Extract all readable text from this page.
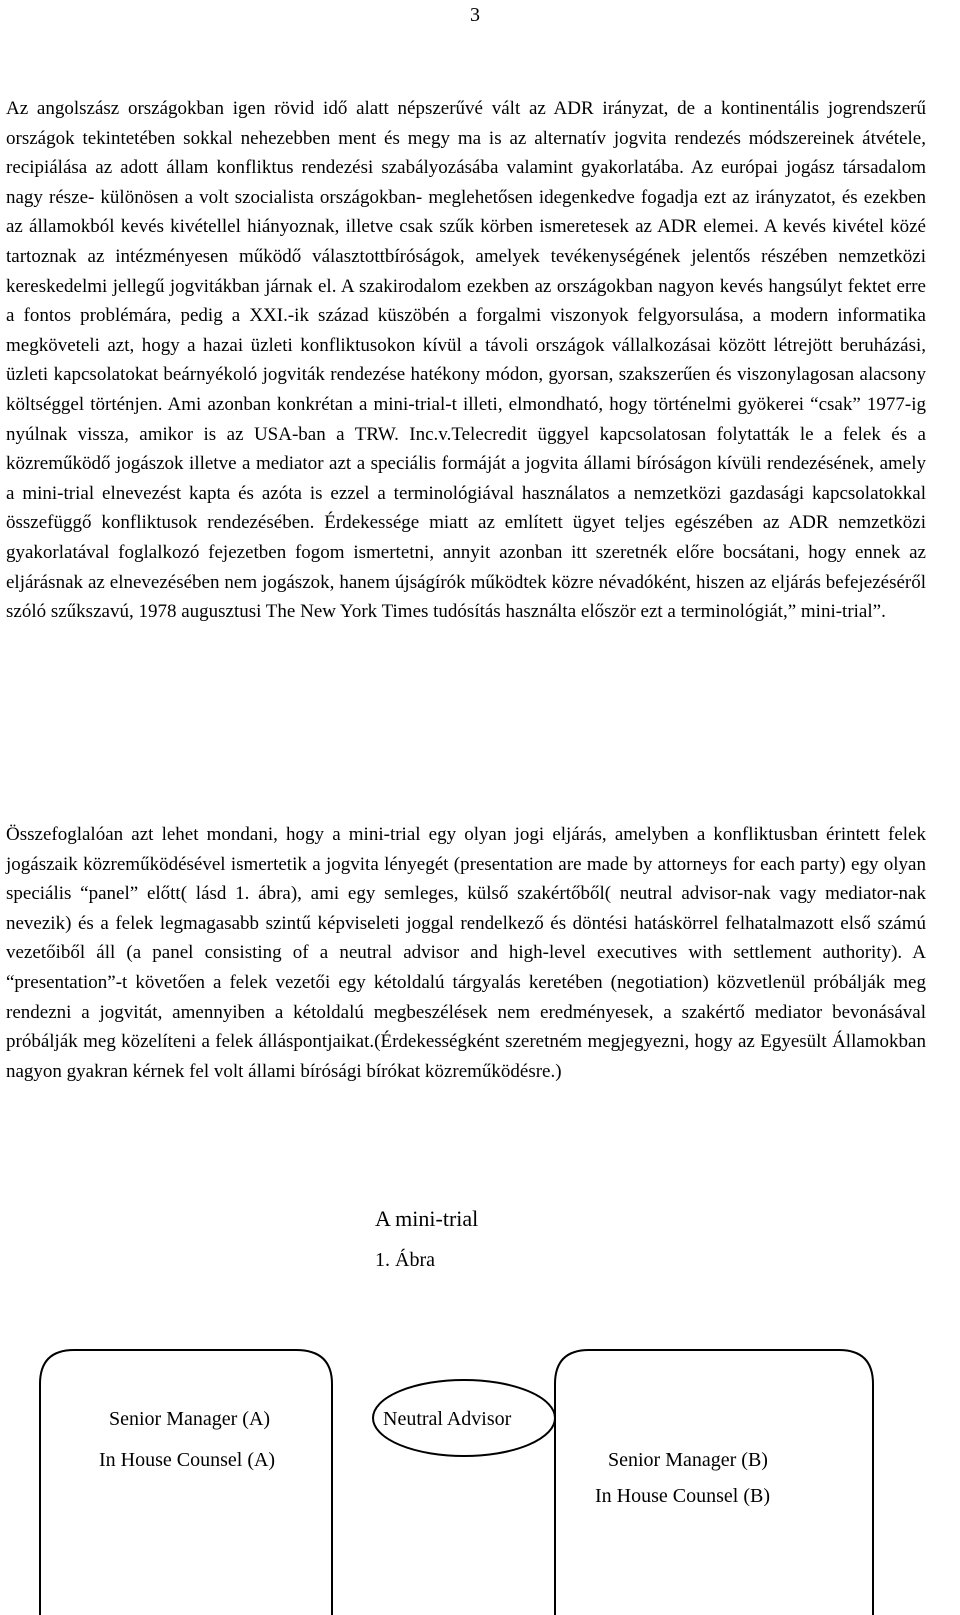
3

Az angolszász országokban igen rövid idő alatt népszerűvé vált az ADR irányzat, de a kontinentális jogrendszerű országok tekintetében sokkal nehezebben ment és megy ma is az alternatív jogvita rendezés módszereinek átvétele, recipiálása az adott állam konfliktus rendezési szabályozásába valamint gyakorlatába. Az európai jogász társadalom nagy része- különösen a volt szocialista országokban- meglehetősen idegenkedve fogadja ezt az irányzatot, és ezekben az államokból kevés kivétellel hiányoznak, illetve csak szűk körben ismeretesek az ADR elemei. A kevés kivétel közé tartoznak az intézményesen működő választottbíróságok, amelyek tevékenységének jelentős részében nemzetközi kereskedelmi jellegű jogvitákban járnak el. A szakirodalom ezekben az országokban nagyon kevés hangsúlyt fektet erre a fontos problémára, pedig a XXI.-ik század küszöbén a forgalmi viszonyok felgyorsulása, a modern informatika megköveteli azt, hogy a hazai üzleti konfliktusokon kívül a távoli országok vállalkozásai között létrejött beruházási, üzleti kapcsolatokat beárnyékoló jogviták rendezése hatékony módon, gyorsan, szakszerűen és viszonylagosan alacsony költséggel történjen. Ami azonban konkrétan a mini-trial-t illeti, elmondható, hogy történelmi gyökerei “csak” 1977-ig nyúlnak vissza, amikor is az USA-ban a TRW. Inc.v.Telecredit üggyel kapcsolatosan folytatták le a felek és a közreműködő jogászok illetve a mediator azt a speciális formáját a jogvita állami bíróságon kívüli rendezésének, amely a mini-trial elnevezést kapta és azóta is ezzel a terminológiával használatos a nemzetközi gazdasági kapcsolatokkal összefüggő konfliktusok rendezésében. Érdekessége miatt az említett ügyet teljes egészében az ADR nemzetközi gyakorlatával foglalkozó fejezetben fogom ismertetni, annyit azonban itt szeretnék előre bocsátani, hogy ennek az eljárásnak az elnevezésében nem jogászok, hanem újságírók működtek közre névadóként, hiszen az eljárás befejezéséről szóló szűkszavú, 1978 augusztusi The New York Times tudósítás használta először ezt a terminológiát,” mini-trial”.

Összefoglalóan azt lehet mondani, hogy a mini-trial egy olyan jogi eljárás, amelyben a konfliktusban érintett felek jogászaik közreműködésével ismertetik a jogvita lényegét (presentation are made by attorneys for each party) egy olyan speciális “panel” előtt( lásd 1. ábra), ami egy semleges, külső szakértőből( neutral advisor-nak vagy mediator-nak nevezik) és a felek legmagasabb szintű képviseleti joggal rendelkező és döntési hatáskörrel felhatalmazott első számú vezetőiből áll (a panel consisting of a neutral advisor and high-level executives with settlement authority). A “presentation”-t követően a felek vezetői egy kétoldalú tárgyalás keretében (negotiation) közvetlenül próbálják meg rendezni a jogvitát, amennyiben a kétoldalú megbeszélések nem eredményesek, a szakértő mediator bevonásával próbálják meg közelíteni a felek álláspontjaikat.(Érdekességként szeretném megjegyezni, hogy az Egyesült Államokban nagyon gyakran kérnek fel volt állami bírósági bírókat közreműködésre.)

A mini-trial
1. Ábra
Senior Manager (A)
In House Counsel (A)
Neutral Advisor
Senior Manager (B)
In House Counsel (B)
